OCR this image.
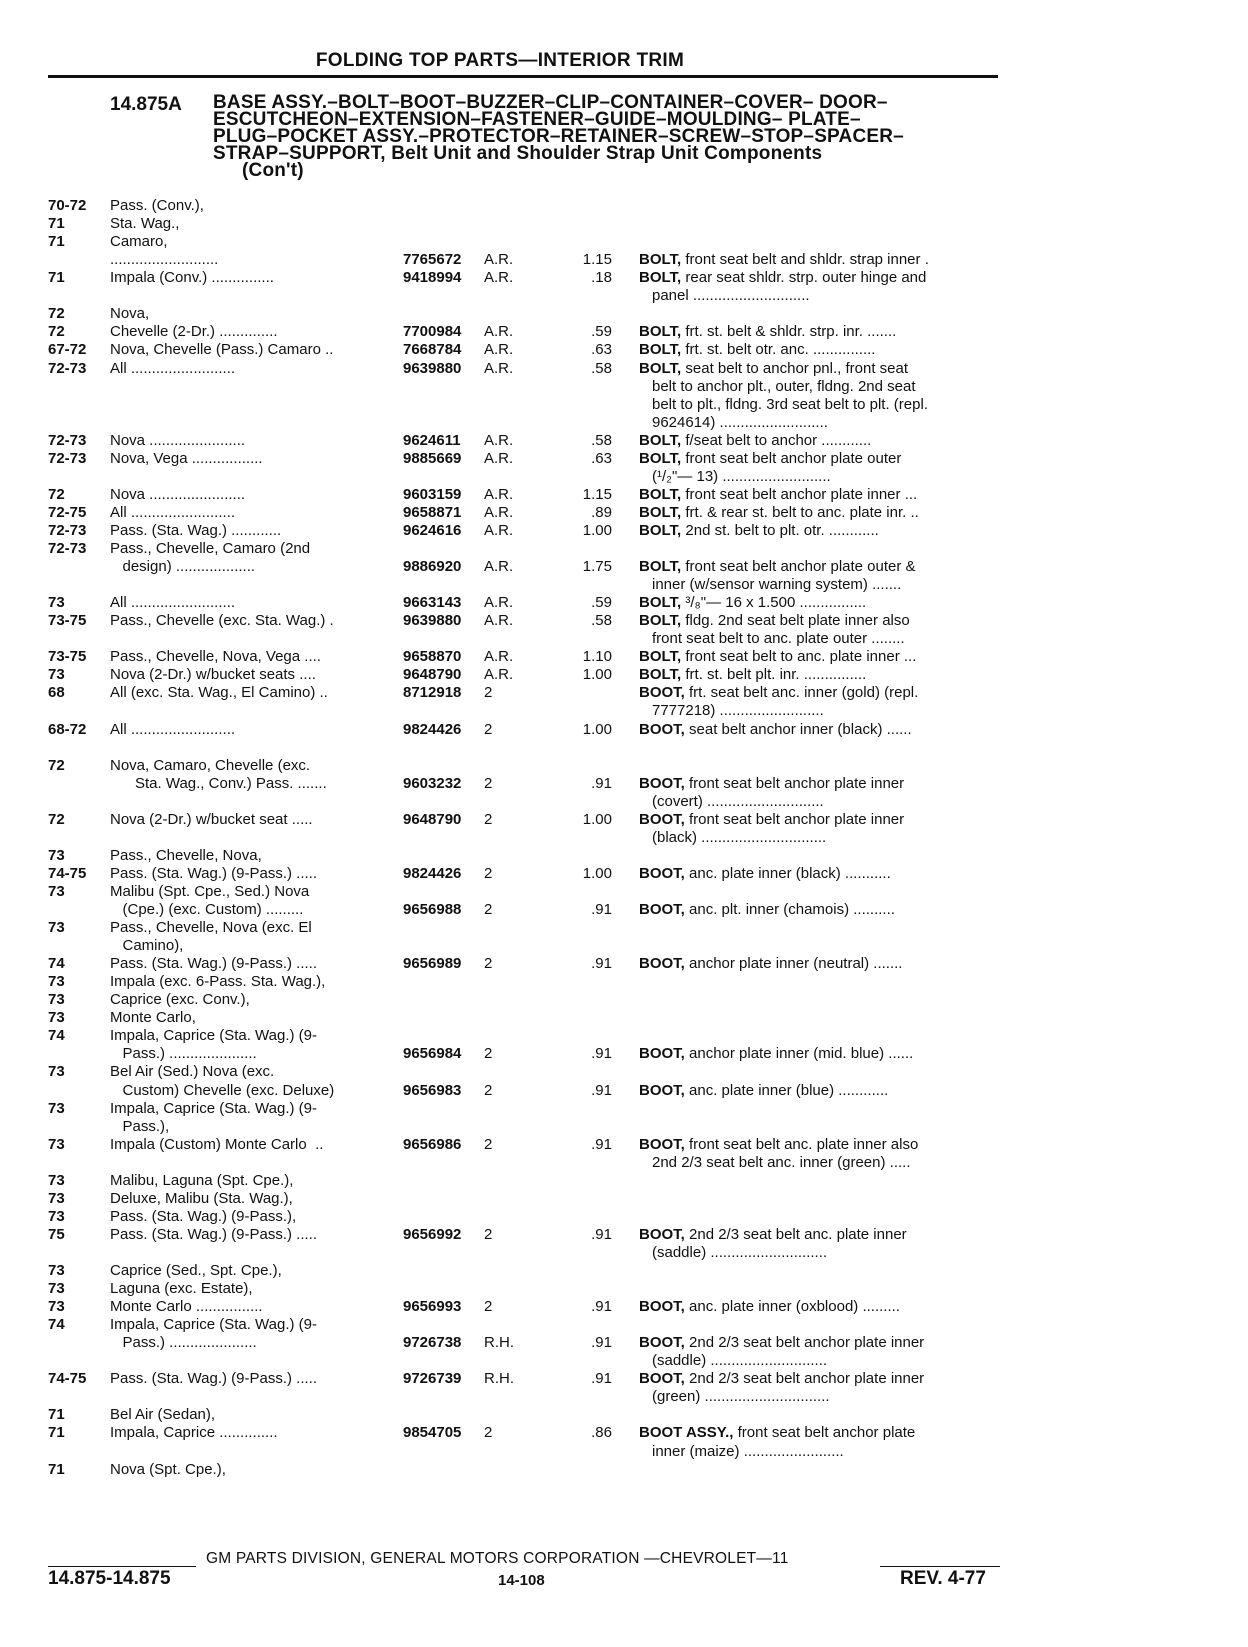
FOLDING TOP PARTS—INTERIOR TRIM
14.875A BASE ASSY.–BOLT–BOOT–BUZZER–CLIP–CONTAINER–COVER– DOOR–
ESCUTCHEON–EXTENSION–FASTENER–GUIDE–MOULDING– PLATE–
PLUG–POCKET ASSY.–PROTECTOR–RETAINER–SCREW–STOP–SPACER–
STRAP–SUPPORT, Belt Unit and Shoulder Strap Unit Components
(Con't)
70-72 Pass. (Conv.),
71	Sta. Wag.,
71	Camaro,
..........................	7765672 A.R.	1.15 BOLT, front seat belt and shldr. strap inner .
71	Impala (Conv.) ...............	9418994 A.R.	.18 BOLT, rear seat shldr. strp. outer hinge and
panel ............................
72	Nova,
72	Chevelle (2-Dr.) ..............	7700984 A.R.	.59 BOLT, frt. st. belt & shldr. strp. inr. .......
67-72 Nova, Chevelle (Pass.) Camaro ..	7668784 A.R.	.63 BOLT, frt. st. belt otr. anc. ...............
72-73 All .........................	9639880 A.R.	.58 BOLT, seat belt to anchor pnl., front seat
belt to anchor plt., outer, fldng. 2nd seat
belt to plt., fldng. 3rd seat belt to plt. (repl.
9624614) ..........................
72-73 Nova .......................	9624611 A.R.	.58 BOLT, f/seat belt to anchor ............
72-73 Nova, Vega .................	9885669 A.R.	.63 BOLT, front seat belt anchor plate outer
(¹/₂"— 13) ..........................
72	Nova .......................	9603159 A.R.	1.15 BOLT, front seat belt anchor plate inner ...
72-75 All .........................	9658871 A.R.	.89 BOLT, frt. & rear st. belt to anc. plate inr. ..
72-73 Pass. (Sta. Wag.) ............	9624616 A.R.	1.00 BOLT, 2nd st. belt to plt. otr. ............
72-73 Pass., Chevelle, Camaro (2nd
design) ...................	9886920 A.R.	1.75 BOLT, front seat belt anchor plate outer &
inner (w/sensor warning system) .......
73	All .........................	9663143 A.R.	.59 BOLT, ³/₈"— 16 x 1.500 ................
73-75 Pass., Chevelle (exc. Sta. Wag.) .	9639880 A.R.	.58 BOLT, fldg. 2nd seat belt plate inner also
front seat belt to anc. plate outer ........
73-75 Pass., Chevelle, Nova, Vega ....	9658870 A.R.	1.10 BOLT, front seat belt to anc. plate inner ...
73	Nova (2-Dr.) w/bucket seats ....	9648790 A.R.	1.00 BOLT, frt. st. belt plt. inr. ...............
68	All (exc. Sta. Wag., El Camino) ..	8712918 2	BOOT, frt. seat belt anc. inner (gold) (repl.
7777218) .........................
68-72 All .........................	9824426 2	1.00 BOOT, seat belt anchor inner (black) ......
72	Nova, Camaro, Chevelle (exc.
Sta. Wag., Conv.) Pass. .......	9603232 2	.91 BOOT, front seat belt anchor plate inner
(covert) ............................
72	Nova (2-Dr.) w/bucket seat .....	9648790 2	1.00 BOOT, front seat belt anchor plate inner
(black) ..............................
73	Pass., Chevelle, Nova,
74-75 Pass. (Sta. Wag.) (9-Pass.) .....	9824426 2	1.00 BOOT, anc. plate inner (black) ...........
73	Malibu (Spt. Cpe., Sed.) Nova
(Cpe.) (exc. Custom) .........	9656988 2	.91 BOOT, anc. plt. inner (chamois) ..........
73	Pass., Chevelle, Nova (exc. El
Camino),
74	Pass. (Sta. Wag.) (9-Pass.) .....	9656989 2	.91 BOOT, anchor plate inner (neutral) .......
73	Impala (exc. 6-Pass. Sta. Wag.),
73	Caprice (exc. Conv.),
73	Monte Carlo,
74	Impala, Caprice (Sta. Wag.) (9-
Pass.) .....................	9656984 2	.91 BOOT, anchor plate inner (mid. blue) ......
73	Bel Air (Sed.) Nova (exc.
Custom) Chevelle (exc. Deluxe)	9656983 2	.91 BOOT, anc. plate inner (blue) ............
73	Impala, Caprice (Sta. Wag.) (9-
Pass.),
73	Impala (Custom) Monte Carlo  ..	9656986 2	.91 BOOT, front seat belt anc. plate inner also
2nd 2/3 seat belt anc. inner (green) .....
73	Malibu, Laguna (Spt. Cpe.),
73	Deluxe, Malibu (Sta. Wag.),
73	Pass. (Sta. Wag.) (9-Pass.),
75	Pass. (Sta. Wag.) (9-Pass.) .....	9656992 2	.91 BOOT, 2nd 2/3 seat belt anc. plate inner
(saddle) ............................
73	Caprice (Sed., Spt. Cpe.),
73	Laguna (exc. Estate),
73	Monte Carlo ................	9656993 2	.91 BOOT, anc. plate inner (oxblood) .........
74	Impala, Caprice (Sta. Wag.) (9-
Pass.) .....................	9726738 R.H.	.91 BOOT, 2nd 2/3 seat belt anchor plate inner
(saddle) ............................
74-75 Pass. (Sta. Wag.) (9-Pass.) .....	9726739 R.H.	.91 BOOT, 2nd 2/3 seat belt anchor plate inner
(green) ..............................
71	Bel Air (Sedan),
71	Impala, Caprice ..............	9854705 2	.86 BOOT ASSY., front seat belt anchor plate
inner (maize) ........................
71	Nova (Spt. Cpe.),
GM PARTS DIVISION, GENERAL MOTORS CORPORATION —CHEVROLET—11
14.875-14.875	14-108	REV. 4-77
